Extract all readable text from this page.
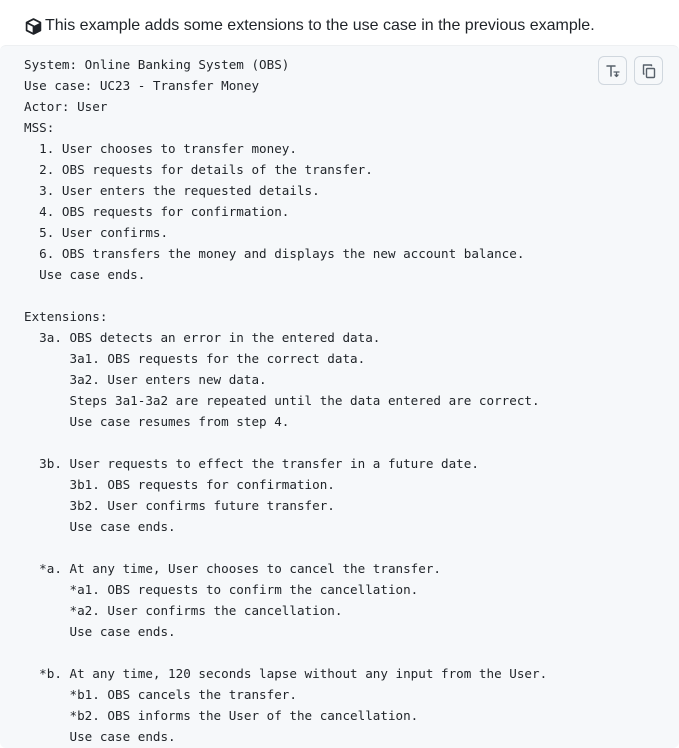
This example adds some extensions to the use case in the previous example.
System: Online Banking System (OBS)
Use case: UC23 - Transfer Money
Actor: User
MSS:
1. User chooses to transfer money.
2. OBS requests for details of the transfer.
3. User enters the requested details.
4. OBS requests for confirmation.
5. User confirms.
6. OBS transfers the money and displays the new account balance.
Use case ends.
Extensions:
3a. OBS detects an error in the entered data.
3a1. OBS requests for the correct data.
3a2. User enters new data.
Steps 3a1-3a2 are repeated until the data entered are correct.
Use case resumes from step 4.
3b. User requests to effect the transfer in a future date.
3b1. OBS requests for confirmation.
3b2. User confirms future transfer.
Use case ends.
*a. At any time, User chooses to cancel the transfer.
*a1. OBS requests to confirm the cancellation.
*a2. User confirms the cancellation.
Use case ends.
*b. At any time, 120 seconds lapse without any input from the User.
*b1. OBS cancels the transfer.
*b2. OBS informs the User of the cancellation.
Use case ends.
